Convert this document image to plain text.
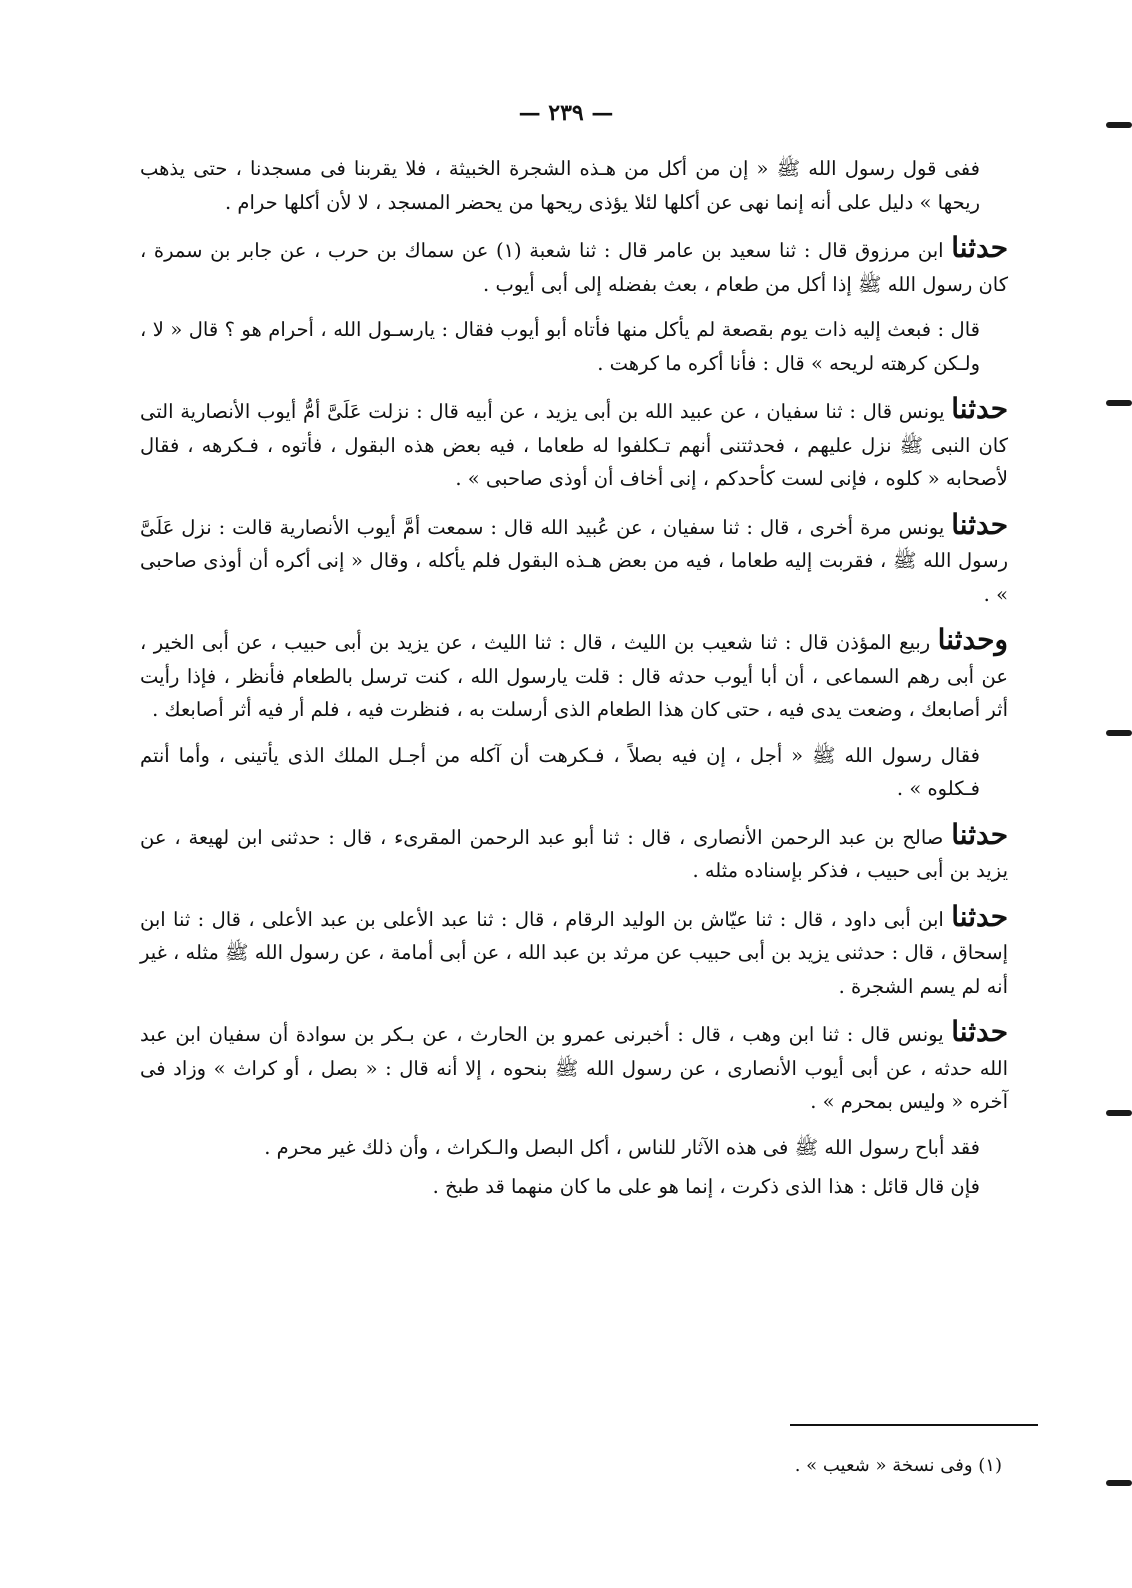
— ٢٣٩ —

ففى قول رسول الله ﷺ « إن من أكل من هـذه الشجرة الخبيثة ، فلا يقربنا فى مسجدنا ، حتى يذهب ريحها » دليل على أنه إنما نهى عن أكلها لئلا يؤذى ريحها من يحضر المسجد ، لا لأن أكلها حرام .

حدثنا ابن مرزوق قال : ثنا سعيد بن عامر قال : ثنا شعبة (١) عن سماك بن حرب ، عن جابر بن سمرة ، كان رسول الله ﷺ إذا أكل من طعام ، بعث بفضله إلى أبى أيوب .

قال : فبعث إليه ذات يوم بقصعة لم يأكل منها فأتاه أبو أيوب فقال : يارسـول الله ، أحرام هو ؟ قال « لا ، ولـكن كرهته لريحه » قال : فأنا أكره ما كرهت .

حدثنا يونس قال : ثنا سفيان ، عن عبيد الله بن أبى يزيد ، عن أبيه قال : نزلت عَلَىَّ أمُّ أيوب الأنصارية التى كان النبى ﷺ نزل عليهم ، فحدثتنى أنهم تـكلفوا له طعاما ، فيه بعض هذه البقول ، فأتوه ، فـكرهه ، فقال لأصحابه « كلوه ، فإنى لست كأحدكم ، إنى أخاف أن أوذى صاحبى » .

حدثنا يونس مرة أخرى ، قال : ثنا سفيان ، عن عُبيد الله قال : سمعت أمَّ أيوب الأنصارية قالت : نزل عَلَىَّ رسول الله ﷺ ، فقربت إليه طعاما ، فيه من بعض هـذه البقول فلم يأكله ، وقال « إنى أكره أن أوذى صاحبى » .

وحدثنا ربيع المؤذن قال : ثنا شعيب بن الليث ، قال : ثنا الليث ، عن يزيد بن أبى حبيب ، عن أبى الخير ، عن أبى رهم السماعى ، أن أبا أيوب حدثه قال : قلت يارسول الله ، كنت ترسل بالطعام فأنظر ، فإذا رأيت أثر أصابعك ، وضعت يدى فيه ، حتى كان هذا الطعام الذى أرسلت به ، فنظرت فيه ، فلم أر فيه أثر أصابعك .

فقال رسول الله ﷺ « أجل ، إن فيه بصلاً ، فـكرهت أن آكله من أجـل الملك الذى يأتينى ، وأما أنتم فـكلوه » .

حدثنا صالح بن عبد الرحمن الأنصارى ، قال : ثنا أبو عبد الرحمن المقرىء ، قال : حدثنى ابن لهيعة ، عن يزيد بن أبى حبيب ، فذكر بإسناده مثله .

حدثنا ابن أبى داود ، قال : ثنا عيّاش بن الوليد الرقام ، قال : ثنا عبد الأعلى بن عبد الأعلى ، قال : ثنا ابن إسحاق ، قال : حدثنى يزيد بن أبى حبيب عن مرثد بن عبد الله ، عن أبى أمامة ، عن رسول الله ﷺ مثله ، غير أنه لم يسم الشجرة .

حدثنا يونس قال : ثنا ابن وهب ، قال : أخبرنى عمرو بن الحارث ، عن بـكر بن سوادة أن سفيان ابن عبد الله حدثه ، عن أبى أيوب الأنصارى ، عن رسول الله ﷺ بنحوه ، إلا أنه قال : « بصل ، أو كراث » وزاد فى آخره « وليس بمحرم » .

فقد أباح رسول الله ﷺ فى هذه الآثار للناس ، أكل البصل والـكراث ، وأن ذلك غير محرم .

فإن قال قائل : هذا الذى ذكرت ، إنما هو على ما كان منهما قد طبخ .

(١) وفى نسخة « شعيب » .
